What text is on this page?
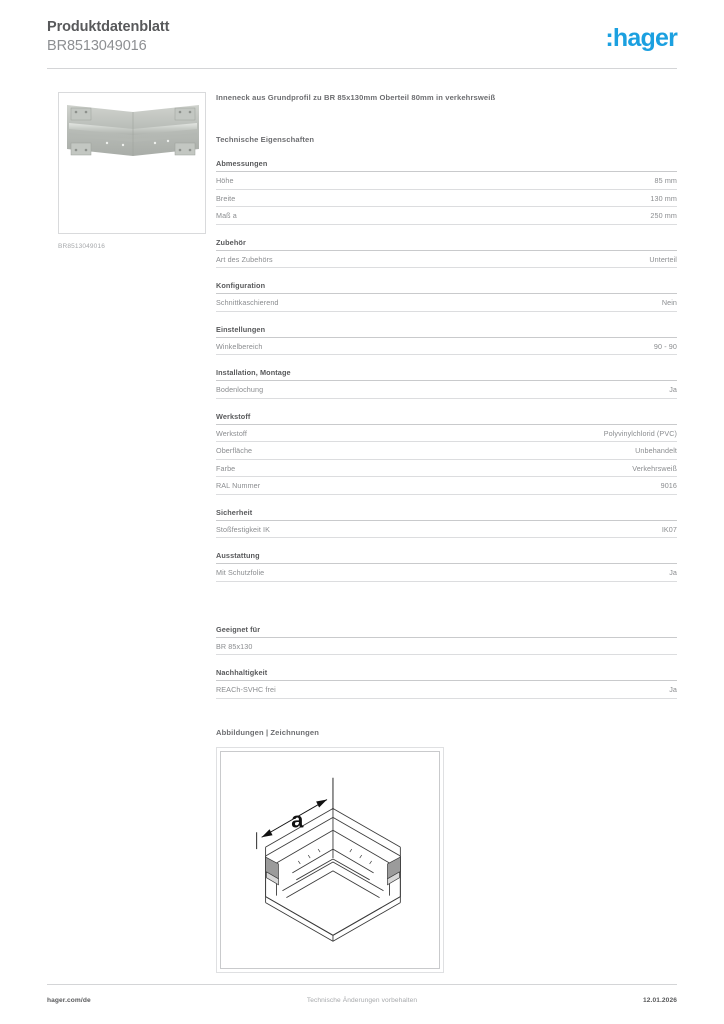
Produktdatenblatt
BR8513049016	:hager
BR8513049016
Inneneck aus Grundprofil zu BR 85x130mm Oberteil 80mm in verkehrsweiß
Technische Eigenschaften
Abmessungen
Höhe	85 mm
Breite	130 mm
Maß a	250 mm
Zubehör
Art des Zubehörs	Unterteil
Konfiguration
Schnittkaschierend	Nein
Einstellungen
Winkelbereich	90 - 90
Installation, Montage
Bodenlochung	Ja
Werkstoff
Werkstoff	Polyvinylchlorid (PVC)
Oberfläche	Unbehandelt
Farbe	Verkehrsweiß
RAL Nummer	9016
Sicherheit
Stoßfestigkeit IK	IK07
Ausstattung
Mit Schutzfolie	Ja
Geeignet für
BR 85x130
Nachhaltigkeit
REACh-SVHC frei	Ja
Abbildungen | Zeichnungen
a
hager.com/de	Technische Änderungen vorbehalten	12.01.2026
